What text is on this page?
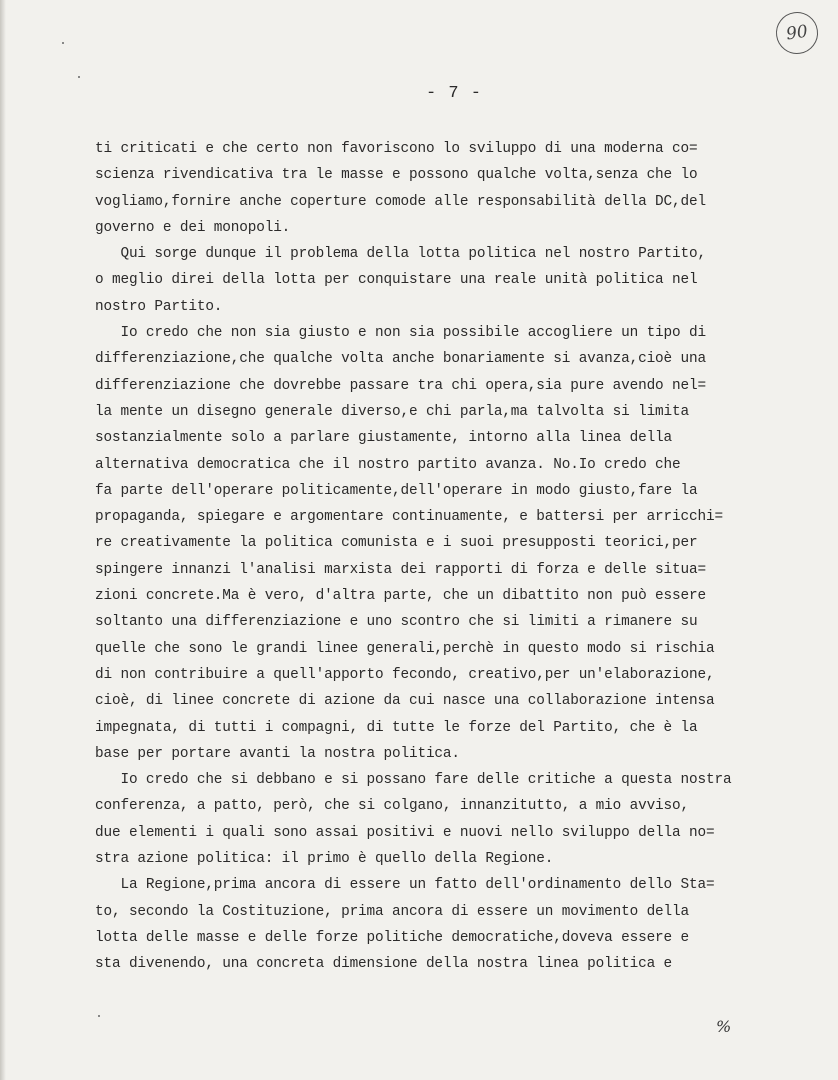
90
- 7 -
ti criticati e che certo non favoriscono lo sviluppo di una moderna co=
scienza rivendicativa tra le masse e possono qualche volta,senza che lo
vogliamo,fornire anche coperture comode alle responsabilità della DC,del
governo e dei monopoli.
Qui sorge dunque il problema della lotta politica nel nostro Partito,
o meglio direi della lotta per conquistare una reale unità politica nel
nostro Partito.
Io credo che non sia giusto e non sia possibile accogliere un tipo di
differenziazione,che qualche volta anche bonariamente si avanza,cioè una
differenziazione che dovrebbe passare tra chi opera,sia pure avendo nel=
la mente un disegno generale diverso,e chi parla,ma talvolta si limita
sostanzialmente solo a parlare giustamente, intorno alla linea della
alternativa democratica che il nostro partito avanza. No.Io credo che
fa parte dell'operare politicamente,dell'operare in modo giusto,fare la
propaganda, spiegare e argomentare continuamente, e battersi per arricchi=
re creativamente la politica comunista e i suoi presupposti teorici,per
spingere innanzi l'analisi marxista dei rapporti di forza e delle situa=
zioni concrete.Ma è vero, d'altra parte, che un dibattito non può essere
soltanto una differenziazione e uno scontro che si limiti a rimanere su
quelle che sono le grandi linee generali,perchè in questo modo si rischia
di non contribuire a quell'apporto fecondo, creativo,per un'elaborazione,
cioè, di linee concrete di azione da cui nasce una collaborazione intensa
impegnata, di tutti i compagni, di tutte le forze del Partito, che è la
base per portare avanti la nostra politica.
Io credo che si debbano e si possano fare delle critiche a questa nostra
conferenza, a patto, però, che si colgano, innanzitutto, a mio avviso,
due elementi i quali sono assai positivi e nuovi nello sviluppo della no=
stra azione politica: il primo è quello della Regione.
La Regione,prima ancora di essere un fatto dell'ordinamento dello Sta=
to, secondo la Costituzione, prima ancora di essere un movimento della
lotta delle masse e delle forze politiche democratiche,doveva essere e
sta divenendo, una concreta dimensione della nostra linea politica e
%
